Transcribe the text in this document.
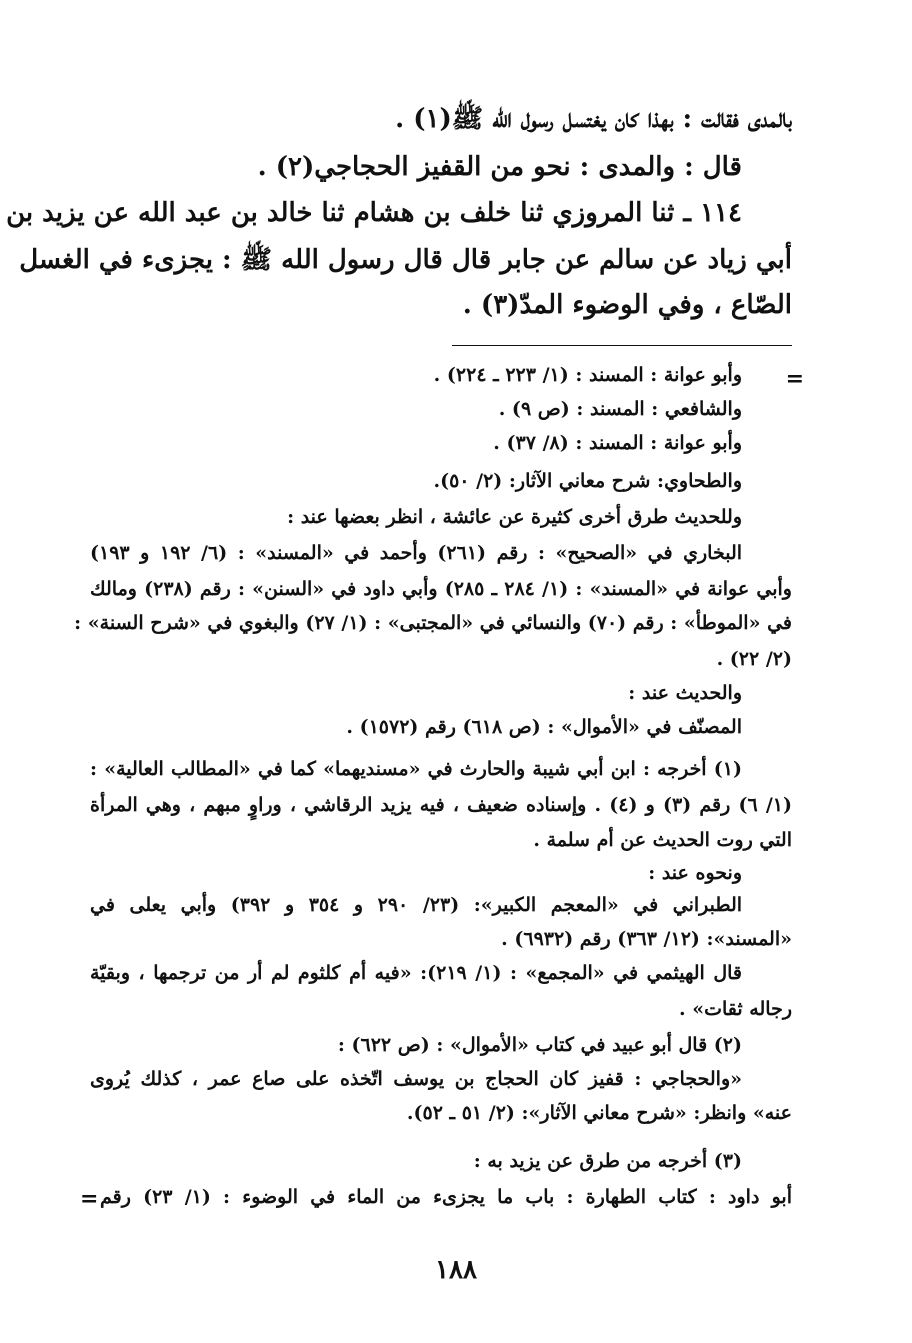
بالمدى فقالت : بهذا كان يغتسل رسول الله ﷺ(١) .
قال : والمدى : نحو من القفيز الحجاجي(٢) .
١١٤ ـ ثنا المروزي ثنا خلف بن هشام ثنا خالد بن عبد الله عن يزيد بن
أبي زياد عن سالم عن جابر قال قال رسول الله ﷺ : يجزىء في الغسل
الصّاع ، وفي الوضوء المدّ(٣) .
=
وأبو عوانة : المسند : (١/ ٢٢٣ ـ ٢٢٤) .
والشافعي : المسند : (ص ٩) .
وأبو عوانة : المسند : (٨/ ٣٧) .
والطحاوي: شرح معاني الآثار: (٢/ ٥٠).
وللحديث طرق أخرى كثيرة عن عائشة ، انظر بعضها عند :
البخاري في «الصحيح» : رقم (٢٦١) وأحمد في «المسند» : (٦/ ١٩٢ و ١٩٣)
وأبي عوانة في «المسند» : (١/ ٢٨٤ ـ ٢٨٥) وأبي داود في «السنن» : رقم (٢٣٨) ومالك
في «الموطأ» : رقم (٧٠) والنسائي في «المجتبى» : (١/ ٢٧) والبغوي في «شرح السنة» :
(٢/ ٢٢) .
والحديث عند :
المصنّف في «الأموال» : (ص ٦١٨) رقم (١٥٧٢) .
(١) أخرجه : ابن أبي شيبة والحارث في «مسنديهما» كما في «المطالب العالية» :
(١/ ٦) رقم (٣) و (٤) . وإسناده ضعيف ، فيه يزيد الرقاشي ، وراوٍ مبهم ، وهي المرأة
التي روت الحديث عن أم سلمة .
ونحوه عند :
الطبراني في «المعجم الكبير»: (٢٣/ ٢٩٠ و ٣٥٤ و ٣٩٢) وأبي يعلى في
«المسند»: (١٢/ ٣٦٣) رقم (٦٩٣٢) .
قال الهيثمي في «المجمع» : (١/ ٢١٩): «فيه أم كلثوم لم أر من ترجمها ، وبقيّة
رجاله ثقات» .
(٢) قال أبو عبيد في كتاب «الأموال» : (ص ٦٢٢) :
«والحجاجي : قفيز كان الحجاج بن يوسف اتّخذه على صاع عمر ، كذلك يُروى
عنه» وانظر: «شرح معاني الآثار»: (٢/ ٥١ ـ ٥٢).
(٣) أخرجه من طرق عن يزيد به :
أبو داود : كتاب الطهارة : باب ما يجزىء من الماء في الوضوء : (١/ ٢٣) رقم
=
١٨٨
